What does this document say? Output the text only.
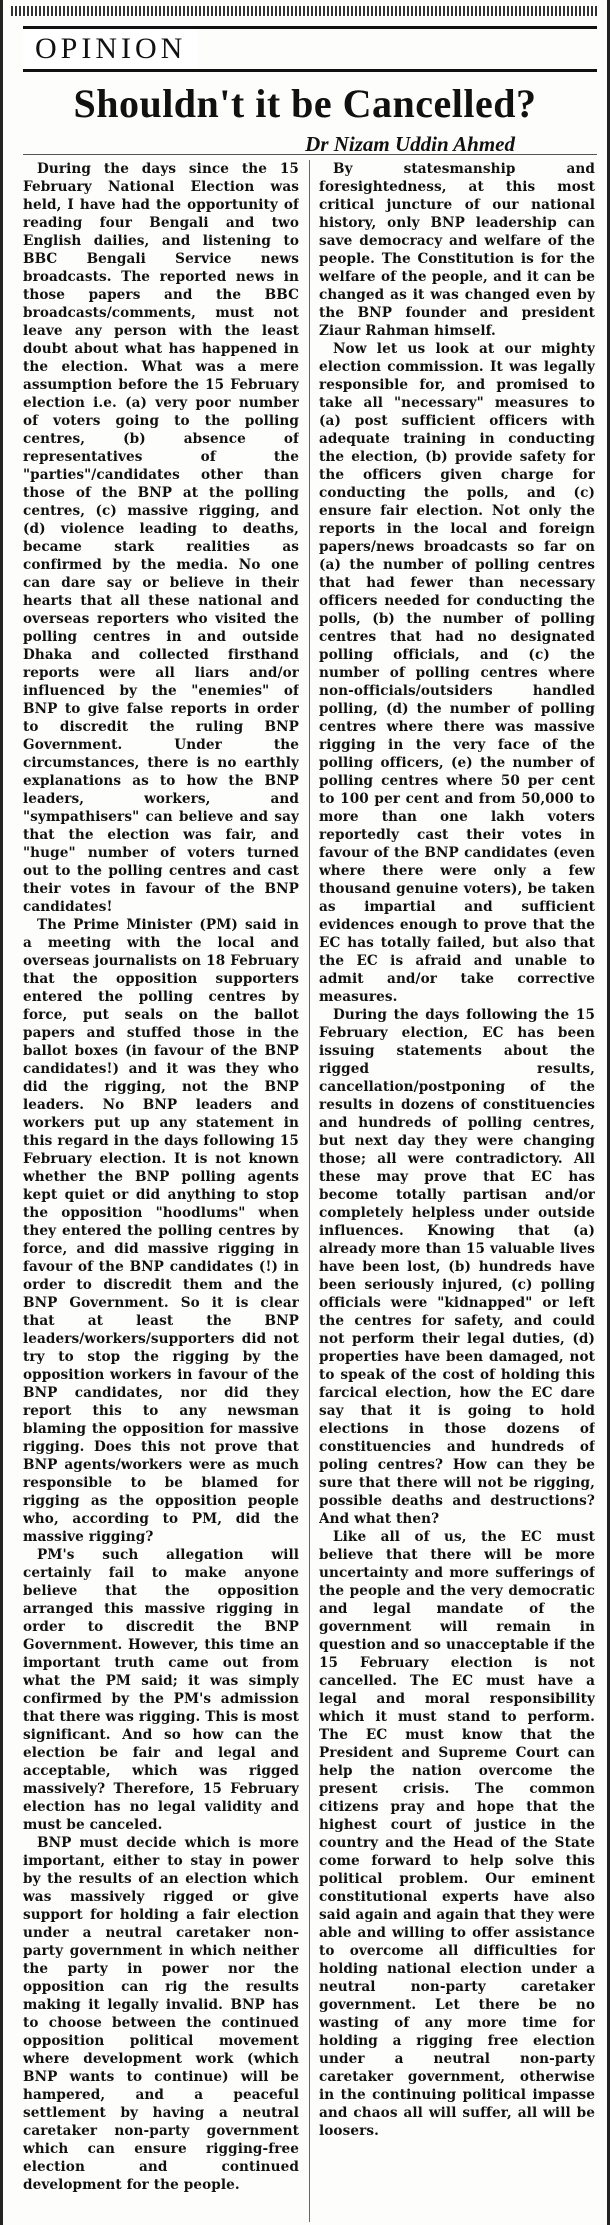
OPINION
Shouldn't it be Cancelled?
Dr Nizam Uddin Ahmed

During the days since the 15 February National Election was held, I have had the opportunity of reading four Bengali and two English dailies, and listening to BBC Bengali Service news broadcasts. The reported news in those papers and the BBC broadcasts/comments, must not leave any person with the least doubt about what has happened in the election. What was a mere assumption before the 15 February election i.e. (a) very poor number of voters going to the polling centres, (b) absence of representatives of the "parties"/candidates other than those of the BNP at the polling centres, (c) massive rigging, and (d) violence leading to deaths, became stark realities as confirmed by the media. No one can dare say or believe in their hearts that all these national and overseas reporters who visited the polling centres in and outside Dhaka and collected firsthand reports were all liars and/or influenced by the "enemies" of BNP to give false reports in order to discredit the ruling BNP Government. Under the circumstances, there is no earthly explanations as to how the BNP leaders, workers, and "sympathisers" can believe and say that the election was fair, and "huge" number of voters turned out to the polling centres and cast their votes in favour of the BNP candidates!

The Prime Minister (PM) said in a meeting with the local and overseas journalists on 18 February that the opposition supporters entered the polling centres by force, put seals on the ballot papers and stuffed those in the ballot boxes (in favour of the BNP candidates!) and it was they who did the rigging, not the BNP leaders. No BNP leaders and workers put up any statement in this regard in the days following 15 February election. It is not known whether the BNP polling agents kept quiet or did anything to stop the opposition "hoodlums" when they entered the polling centres by force, and did massive rigging in favour of the BNP candidates (!) in order to discredit them and the BNP Government. So it is clear that at least the BNP leaders/workers/supporters did not try to stop the rigging by the opposition workers in favour of the BNP candidates, nor did they report this to any newsman blaming the opposition for massive rigging. Does this not prove that BNP agents/workers were as much responsible to be blamed for rigging as the opposition people who, according to PM, did the massive rigging?

PM's such allegation will certainly fail to make anyone believe that the opposition arranged this massive rigging in order to discredit the BNP Government. However, this time an important truth came out from what the PM said; it was simply confirmed by the PM's admission that there was rigging. This is most significant. And so how can the election be fair and legal and acceptable, which was rigged massively? Therefore, 15 February election has no legal validity and must be canceled.

BNP must decide which is more important, either to stay in power by the results of an election which was massively rigged or give support for holding a fair election under a neutral caretaker non-party government in which neither the party in power nor the opposition can rig the results making it legally invalid. BNP has to choose between the continued opposition political movement where development work (which BNP wants to continue) will be hampered, and a peaceful settlement by having a neutral caretaker non-party government which can ensure rigging-free election and continued development for the people.

By statesmanship and foresightedness, at this most critical juncture of our national history, only BNP leadership can save democracy and welfare of the people. The Constitution is for the welfare of the people, and it can be changed as it was changed even by the BNP founder and president Ziaur Rahman himself.

Now let us look at our mighty election commission. It was legally responsible for, and promised to take all "necessary" measures to (a) post sufficient officers with adequate training in conducting the election, (b) provide safety for the officers given charge for conducting the polls, and (c) ensure fair election. Not only the reports in the local and foreign papers/news broadcasts so far on (a) the number of polling centres that had fewer than necessary officers needed for conducting the polls, (b) the number of polling centres that had no designated polling officials, and (c) the number of polling centres where non-officials/outsiders handled polling, (d) the number of polling centres where there was massive rigging in the very face of the polling officers, (e) the number of polling centres where 50 per cent to 100 per cent and from 50,000 to more than one lakh voters reportedly cast their votes in favour of the BNP candidates (even where there were only a few thousand genuine voters), be taken as impartial and sufficient evidences enough to prove that the EC has totally failed, but also that the EC is afraid and unable to admit and/or take corrective measures.

During the days following the 15 February election, EC has been issuing statements about the rigged results, cancellation/postponing of the results in dozens of constituencies and hundreds of polling centres, but next day they were changing those; all were contradictory. All these may prove that EC has become totally partisan and/or completely helpless under outside influences. Knowing that (a) already more than 15 valuable lives have been lost, (b) hundreds have been seriously injured, (c) polling officials were "kidnapped" or left the centres for safety, and could not perform their legal duties, (d) properties have been damaged, not to speak of the cost of holding this farcical election, how the EC dare say that it is going to hold elections in those dozens of constituencies and hundreds of poling centres? How can they be sure that there will not be rigging, possible deaths and destructions? And what then?

Like all of us, the EC must believe that there will be more uncertainty and more sufferings of the people and the very democratic and legal mandate of the government will remain in question and so unacceptable if the 15 February election is not cancelled. The EC must have a legal and moral responsibility which it must stand to perform. The EC must know that the President and Supreme Court can help the nation overcome the present crisis. The common citizens pray and hope that the highest court of justice in the country and the Head of the State come forward to help solve this political problem. Our eminent constitutional experts have also said again and again that they were able and willing to offer assistance to overcome all difficulties for holding national election under a neutral non-party caretaker government. Let there be no wasting of any more time for holding a rigging free election under a neutral non-party caretaker government, otherwise in the continuing political impasse and chaos all will suffer, all will be loosers.
